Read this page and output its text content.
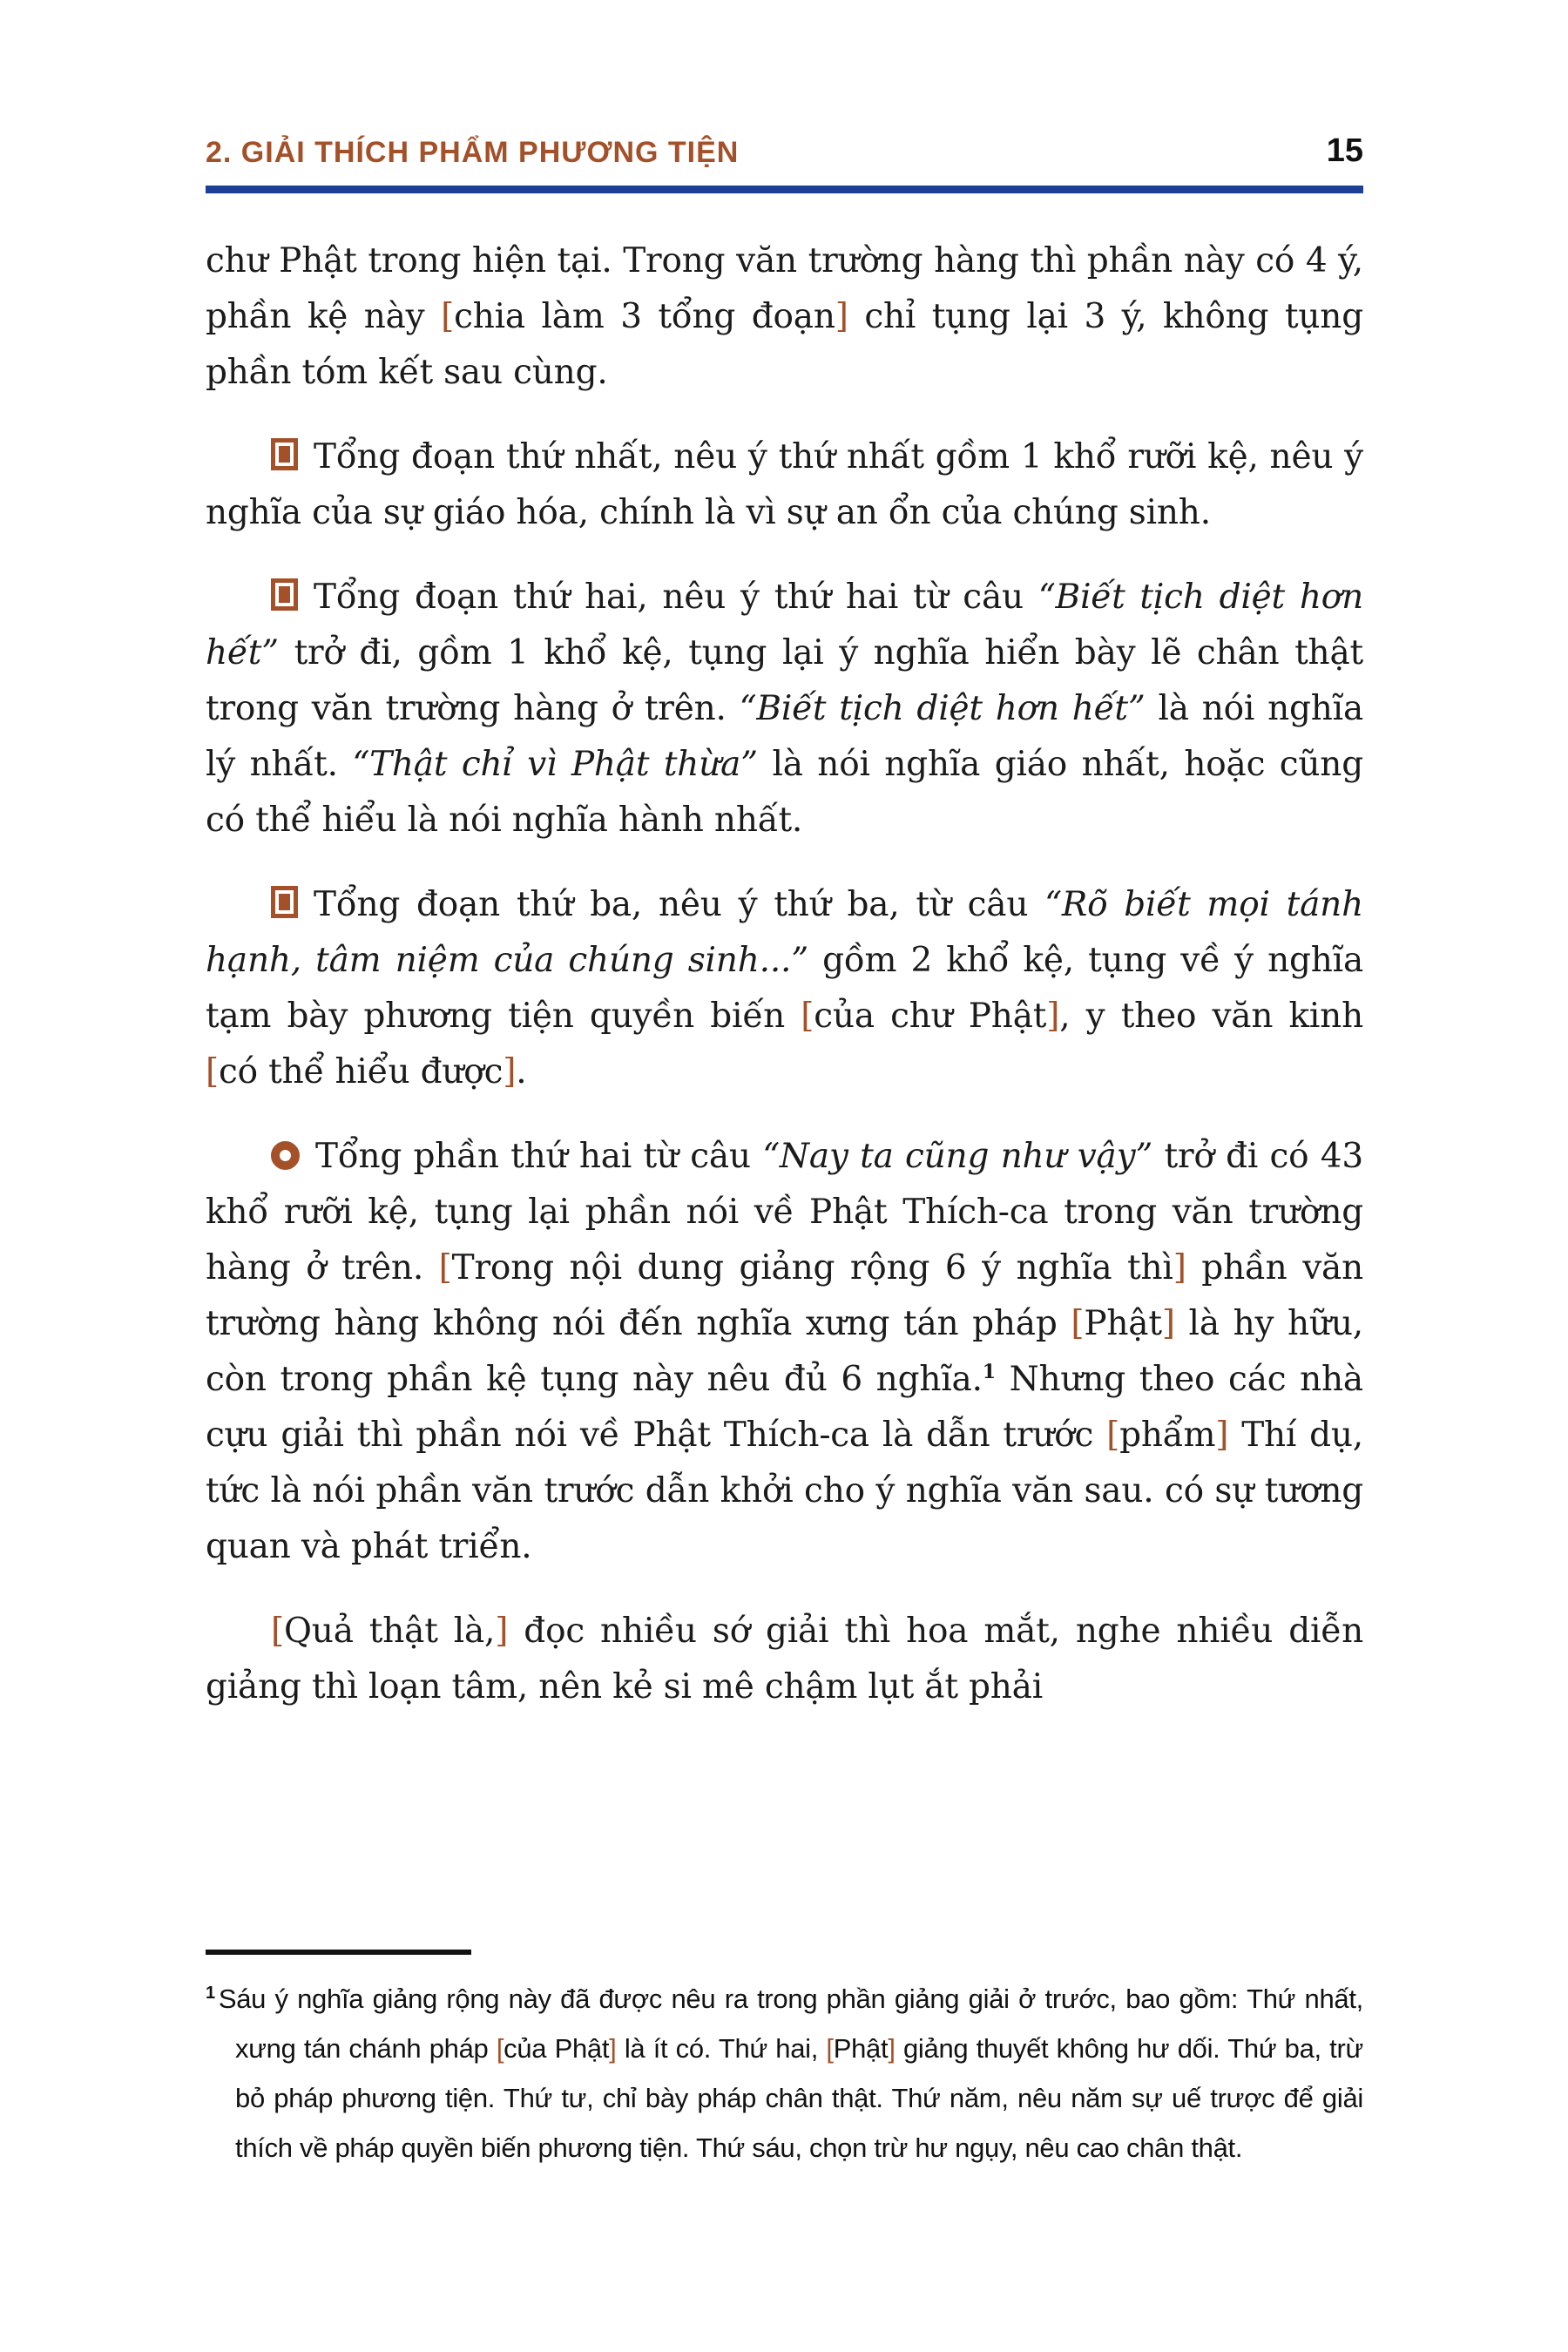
2. GIẢI THÍCH PHẨM PHƯƠNG TIỆN	15

chư Phật trong hiện tại. Trong văn trường hàng thì phần này có 4 ý, phần kệ này [chia làm 3 tổng đoạn] chỉ tụng lại 3 ý, không tụng phần tóm kết sau cùng.

Tổng đoạn thứ nhất, nêu ý thứ nhất gồm 1 khổ rưỡi kệ, nêu ý nghĩa của sự giáo hóa, chính là vì sự an ổn của chúng sinh.

Tổng đoạn thứ hai, nêu ý thứ hai từ câu “Biết tịch diệt hơn hết” trở đi, gồm 1 khổ kệ, tụng lại ý nghĩa hiển bày lẽ chân thật trong văn trường hàng ở trên. “Biết tịch diệt hơn hết” là nói nghĩa lý nhất. “Thật chỉ vì Phật thừa” là nói nghĩa giáo nhất, hoặc cũng có thể hiểu là nói nghĩa hành nhất.

Tổng đoạn thứ ba, nêu ý thứ ba, từ câu “Rõ biết mọi tánh hạnh, tâm niệm của chúng sinh...” gồm 2 khổ kệ, tụng về ý nghĩa tạm bày phương tiện quyền biến [của chư Phật], y theo văn kinh [có thể hiểu được].

Tổng phần thứ hai từ câu “Nay ta cũng như vậy” trở đi có 43 khổ rưỡi kệ, tụng lại phần nói về Phật Thích-ca trong văn trường hàng ở trên. [Trong nội dung giảng rộng 6 ý nghĩa thì] phần văn trường hàng không nói đến nghĩa xưng tán pháp [Phật] là hy hữu, còn trong phần kệ tụng này nêu đủ 6 nghĩa.$^1$ Nhưng theo các nhà cựu giải thì phần nói về Phật Thích-ca là dẫn trước [phẩm] Thí dụ, tức là nói phần văn trước dẫn khởi cho ý nghĩa văn sau. có sự tương quan và phát triển.

[Quả thật là,] đọc nhiều sớ giải thì hoa mắt, nghe nhiều diễn giảng thì loạn tâm, nên kẻ si mê chậm lụt ắt phải

$^1$ Sáu ý nghĩa giảng rộng này đã được nêu ra trong phần giảng giải ở trước, bao gồm: Thứ nhất, xưng tán chánh pháp [của Phật] là ít có. Thứ hai, [Phật] giảng thuyết không hư dối. Thứ ba, trừ bỏ pháp phương tiện. Thứ tư, chỉ bày pháp chân thật. Thứ năm, nêu năm sự uế trược để giải thích về pháp quyền biến phương tiện. Thứ sáu, chọn trừ hư ngụy, nêu cao chân thật.
